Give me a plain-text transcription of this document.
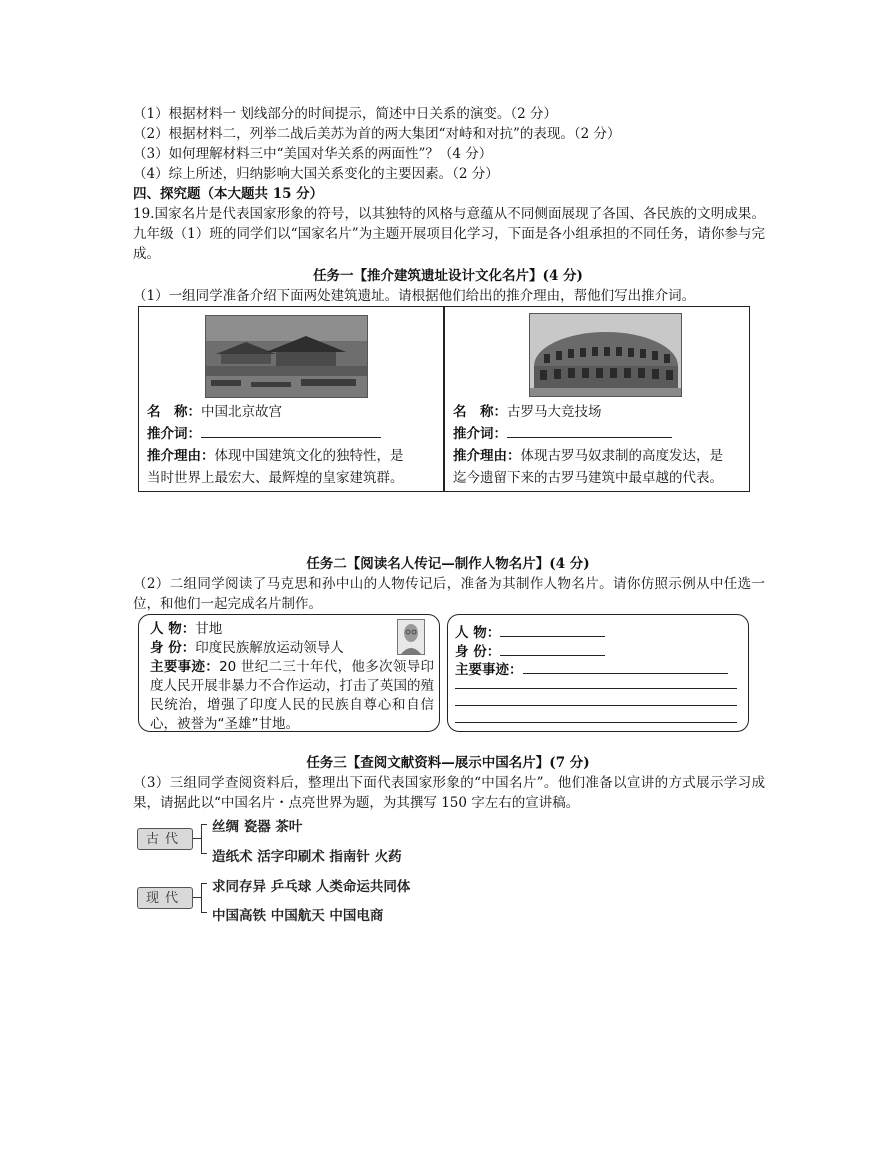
（1）根据材料一 划线部分的时间提示，简述中日关系的演变。（2 分）
（2）根据材料二，列举二战后美苏为首的两大集团“对峙和对抗”的表现。（2 分）
（3）如何理解材料三中“美国对华关系的两面性”？（4 分）
（4）综上所述，归纳影响大国关系变化的主要因素。（2 分）
四、探究题（本大题共 15 分）
19.国家名片是代表国家形象的符号，以其独特的风格与意蕴从不同侧面展现了各国、各民族的文明成果。九年级（1）班的同学们以“国家名片”为主题开展项目化学习，下面是各小组承担的不同任务，请你参与完成。
任务一【推介建筑遗址设计文化名片】(4 分)
（1）一组同学准备介绍下面两处建筑遗址。请根据他们给出的推介理由，帮他们写出推介词。
名　称：中国北京故宫
推介词：
推介理由：体现中国建筑文化的独特性，是
当时世界上最宏大、最辉煌的皇家建筑群。
名　称：古罗马大竞技场
推介词：
推介理由：体现古罗马奴隶制的高度发达，是
迄今遗留下来的古罗马建筑中最卓越的代表。
任务二【阅读名人传记—制作人物名片】(4 分)
（2）二组同学阅读了马克思和孙中山的人物传记后，准备为其制作人物名片。请你仿照示例从中任选一位，和他们一起完成名片制作。
人 物：甘地
身 份：印度民族解放运动领导人
主要事迹：20 世纪二三十年代，他多次领导印度人民开展非暴力不合作运动，打击了英国的殖民统治，增强了印度人民的民族自尊心和自信心，被誉为“圣雄”甘地。
人 物：
身 份：
主要事迹：
任务三【查阅文献资料—展示中国名片】(7 分)
（3）三组同学查阅资料后，整理出下面代表国家形象的“中国名片”。他们准备以宣讲的方式展示学习成果，请据此以“中国名片・点亮世界为题，为其撰写 150 字左右的宣讲稿。
古代
丝绸 瓷器 茶叶
造纸术 活字印刷术 指南针 火药
现代
求同存异 乒乓球 人类命运共同体
中国高铁 中国航天 中国电商
